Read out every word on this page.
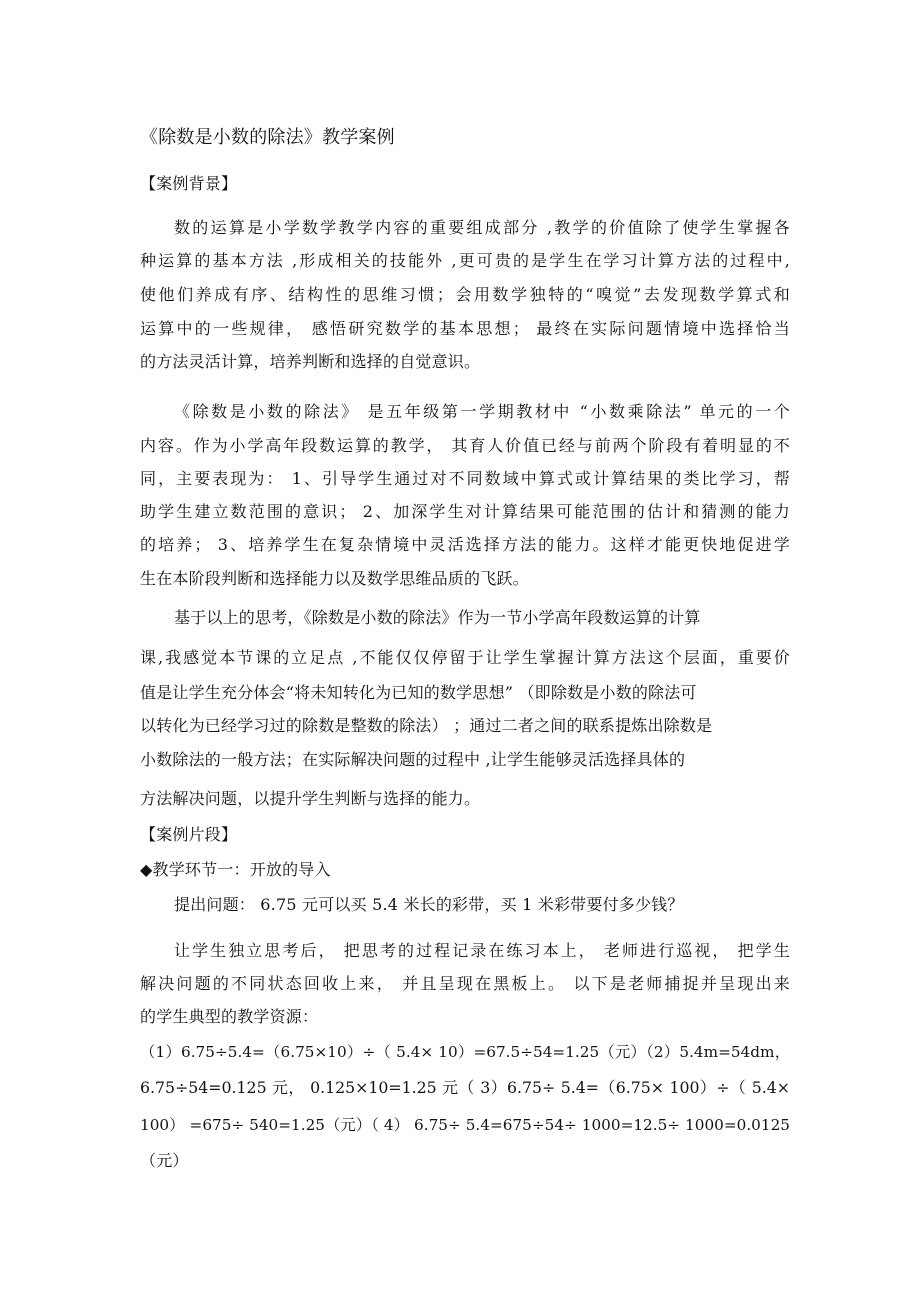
《除数是小数的除法》教学案例
【案例背景】
数的运算是小学数学教学内容的重要组成部分 ,教学的价值除了使学生掌握各
种运算的基本方法 ,形成相关的技能外 ,更可贵的是学生在学习计算方法的过程中,
使他们养成有序、结构性的思维习惯；会用数学独特的“嗅觉”去发现数学算式和
运算中的一些规律， 感悟研究数学的基本思想； 最终在实际问题情境中选择恰当
的方法灵活计算，培养判断和选择的自觉意识。
《除数是小数的除法》 是五年级第一学期教材中 “小数乘除法” 单元的一个
内容。作为小学高年段数运算的教学， 其育人价值已经与前两个阶段有着明显的不
同，主要表现为： 1、引导学生通过对不同数域中算式或计算结果的类比学习，帮
助学生建立数范围的意识； 2、加深学生对计算结果可能范围的估计和猜测的能力
的培养； 3、培养学生在复杂情境中灵活选择方法的能力。这样才能更快地促进学
生在本阶段判断和选择能力以及数学思维品质的飞跃。
基于以上的思考，《除数是小数的除法》作为一节小学高年段数运算的计算
课,我感觉本节课的立足点 ,不能仅仅停留于让学生掌握计算方法这个层面，重要价
值是让学生充分体会“将未知转化为已知的数学思想” （即除数是小数的除法可
以转化为已经学习过的除数是整数的除法） ；通过二者之间的联系提炼出除数是
小数除法的一般方法；在实际解决问题的过程中 ,让学生能够灵活选择具体的
方法解决问题，以提升学生判断与选择的能力。
【案例片段】
◆教学环节一：开放的导入
提出问题： 6.75 元可以买 5.4 米长的彩带，买 1 米彩带要付多少钱？
让学生独立思考后， 把思考的过程记录在练习本上， 老师进行巡视， 把学生
解决问题的不同状态回收上来， 并且呈现在黑板上。 以下是老师捕捉并呈现出来
的学生典型的教学资源：
（1）6.75÷5.4=（6.75×10）÷（ 5.4× 10）=67.5÷54=1.25（元）（2）5.4m=54dm，
6.75÷54=0.125 元， 0.125×10=1.25 元（ 3）6.75÷ 5.4=（6.75× 100）÷（ 5.4×
100） =675÷ 540=1.25（元）（ 4） 6.75÷ 5.4=675÷54÷ 1000=12.5÷ 1000=0.0125
（元）
